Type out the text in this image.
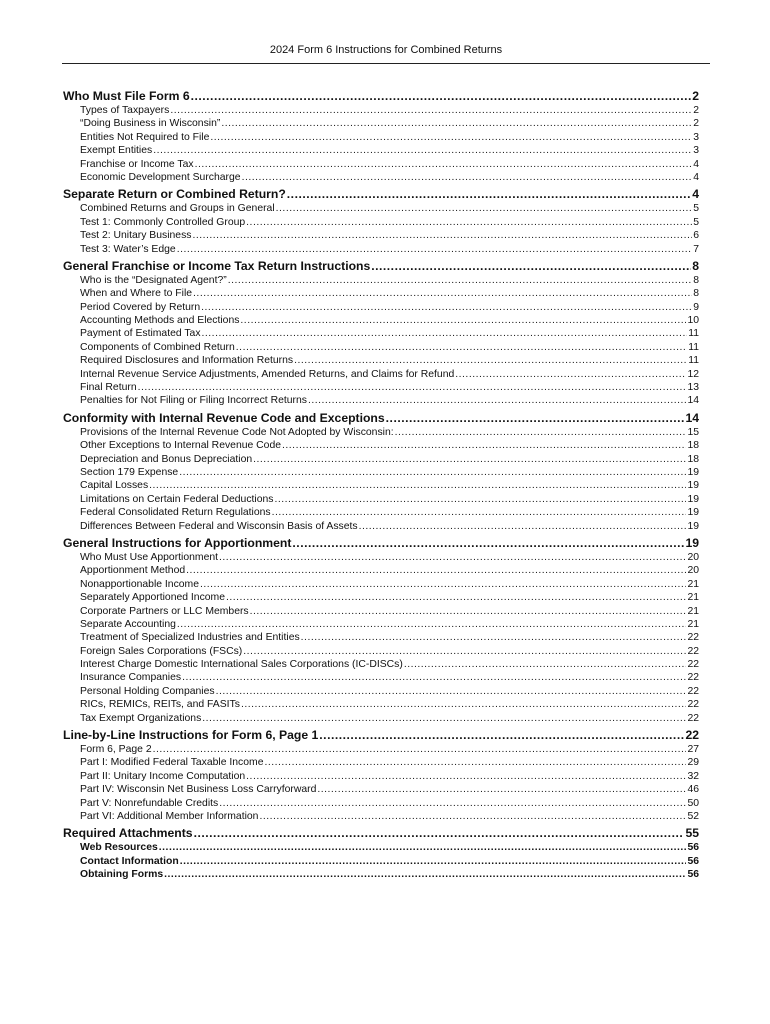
2024 Form 6 Instructions for Combined Returns
Who Must File Form 6 .....	2
Types of Taxpayers .....	2
“Doing Business in Wisconsin” .....	2
Entities Not Required to File .....	3
Exempt Entities .....	3
Franchise or Income Tax .....	4
Economic Development Surcharge .....	4
Separate Return or Combined Return? .....	4
Combined Returns and Groups in General .....	5
Test 1: Commonly Controlled Group .....	5
Test 2: Unitary Business .....	6
Test 3: Water’s Edge .....	7
General Franchise or Income Tax Return Instructions .....	8
Who is the “Designated Agent?” .....	8
When and Where to File .....	8
Period Covered by Return .....	9
Accounting Methods and Elections .....	10
Payment of Estimated Tax .....	11
Components of Combined Return .....	11
Required Disclosures and Information Returns .....	11
Internal Revenue Service Adjustments, Amended Returns, and Claims for Refund .....	12
Final Return .....	13
Penalties for Not Filing or Filing Incorrect Returns .....	14
Conformity with Internal Revenue Code and Exceptions .....	14
Provisions of the Internal Revenue Code Not Adopted by Wisconsin: .....	15
Other Exceptions to Internal Revenue Code .....	18
Depreciation and Bonus Depreciation .....	18
Section 179 Expense .....	19
Capital Losses .....	19
Limitations on Certain Federal Deductions .....	19
Federal Consolidated Return Regulations .....	19
Differences Between Federal and Wisconsin Basis of Assets .....	19
General Instructions for Apportionment .....	19
Who Must Use Apportionment .....	20
Apportionment Method .....	20
Nonapportionable Income .....	21
Separately Apportioned Income .....	21
Corporate Partners or LLC Members .....	21
Separate Accounting .....	21
Treatment of Specialized Industries and Entities .....	22
Foreign Sales Corporations (FSCs) .....	22
Interest Charge Domestic International Sales Corporations (IC-DISCs) .....	22
Insurance Companies .....	22
Personal Holding Companies .....	22
RICs, REMICs, REITs, and FASITs .....	22
Tax Exempt Organizations .....	22
Line-by-Line Instructions for Form 6, Page 1 .....	22
Form 6, Page 2 .....	27
Part I: Modified Federal Taxable Income .....	29
Part II: Unitary Income Computation .....	32
Part IV: Wisconsin Net Business Loss Carryforward .....	46
Part V: Nonrefundable Credits .....	50
Part VI: Additional Member Information .....	52
Required Attachments .....	55
Web Resources .....	56
Contact Information .....	56
Obtaining Forms .....	56
